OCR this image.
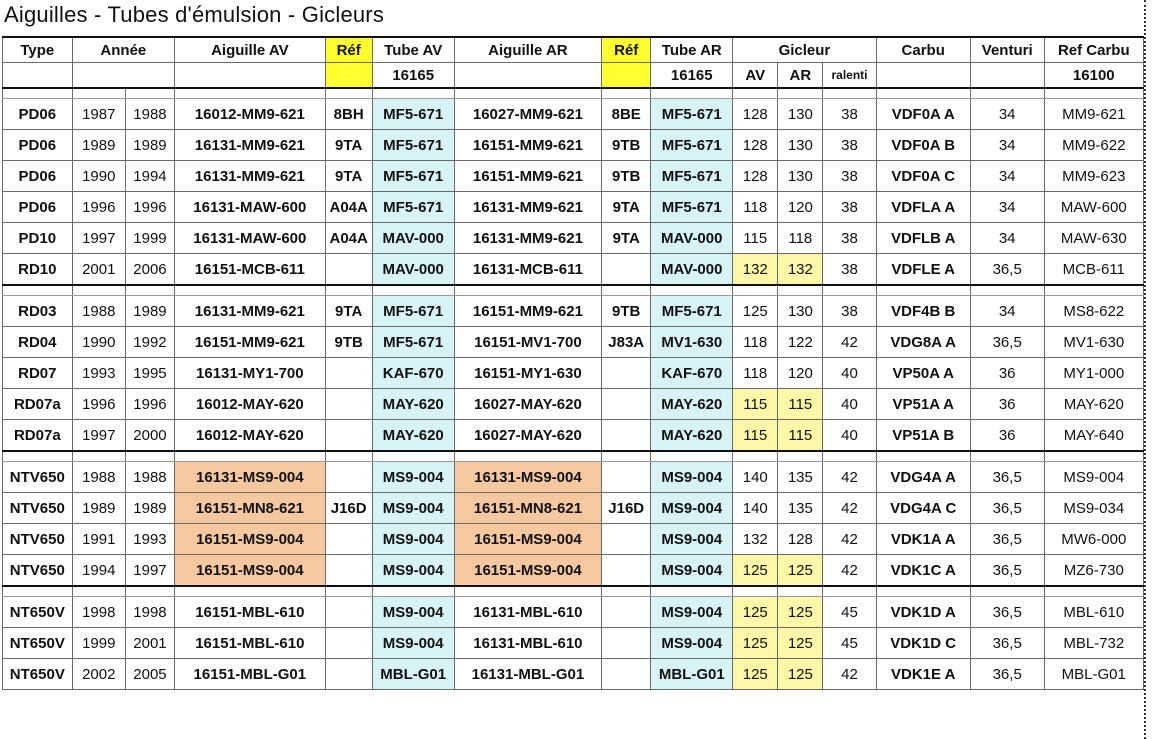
Aiguilles - Tubes d'émulsion - Gicleurs
Type	Année		Aiguille AV	Réf	Tube AV	Aiguille AR	Réf	Tube AR	Gicleur			Carbu	Venturi	Ref Carbu
					16165			16165	AV	AR	ralenti			16100

PD06	1987	1988	16012-MM9-621	8BH	MF5-671	16027-MM9-621	8BE	MF5-671	128	130	38	VDF0A A	34	MM9-621
PD06	1989	1989	16131-MM9-621	9TA	MF5-671	16151-MM9-621	9TB	MF5-671	128	130	38	VDF0A B	34	MM9-622
PD06	1990	1994	16131-MM9-621	9TA	MF5-671	16151-MM9-621	9TB	MF5-671	128	130	38	VDF0A C	34	MM9-623
PD06	1996	1996	16131-MAW-600	A04A	MF5-671	16131-MM9-621	9TA	MF5-671	118	120	38	VDFLA A	34	MAW-600
PD10	1997	1999	16131-MAW-600	A04A	MAV-000	16131-MM9-621	9TA	MAV-000	115	118	38	VDFLB A	34	MAW-630
RD10	2001	2006	16151-MCB-611		MAV-000	16131-MCB-611		MAV-000	132	132	38	VDFLE A	36,5	MCB-611

RD03	1988	1989	16131-MM9-621	9TA	MF5-671	16151-MM9-621	9TB	MF5-671	125	130	38	VDF4B B	34	MS8-622
RD04	1990	1992	16151-MM9-621	9TB	MF5-671	16151-MV1-700	J83A	MV1-630	118	122	42	VDG8A A	36,5	MV1-630
RD07	1993	1995	16131-MY1-700		KAF-670	16151-MY1-630		KAF-670	118	120	40	VP50A A	36	MY1-000
RD07a	1996	1996	16012-MAY-620		MAY-620	16027-MAY-620		MAY-620	115	115	40	VP51A A	36	MAY-620
RD07a	1997	2000	16012-MAY-620		MAY-620	16027-MAY-620		MAY-620	115	115	40	VP51A B	36	MAY-640

NTV650	1988	1988	16131-MS9-004		MS9-004	16131-MS9-004		MS9-004	140	135	42	VDG4A A	36,5	MS9-004
NTV650	1989	1989	16151-MN8-621	J16D	MS9-004	16151-MN8-621	J16D	MS9-004	140	135	42	VDG4A C	36,5	MS9-034
NTV650	1991	1993	16151-MS9-004		MS9-004	16151-MS9-004		MS9-004	132	128	42	VDK1A A	36,5	MW6-000
NTV650	1994	1997	16151-MS9-004		MS9-004	16151-MS9-004		MS9-004	125	125	42	VDK1C A	36,5	MZ6-730

NT650V	1998	1998	16151-MBL-610		MS9-004	16131-MBL-610		MS9-004	125	125	45	VDK1D A	36,5	MBL-610
NT650V	1999	2001	16151-MBL-610		MS9-004	16131-MBL-610		MS9-004	125	125	45	VDK1D C	36,5	MBL-732
NT650V	2002	2005	16151-MBL-G01		MBL-G01	16131-MBL-G01		MBL-G01	125	125	42	VDK1E A	36,5	MBL-G01
